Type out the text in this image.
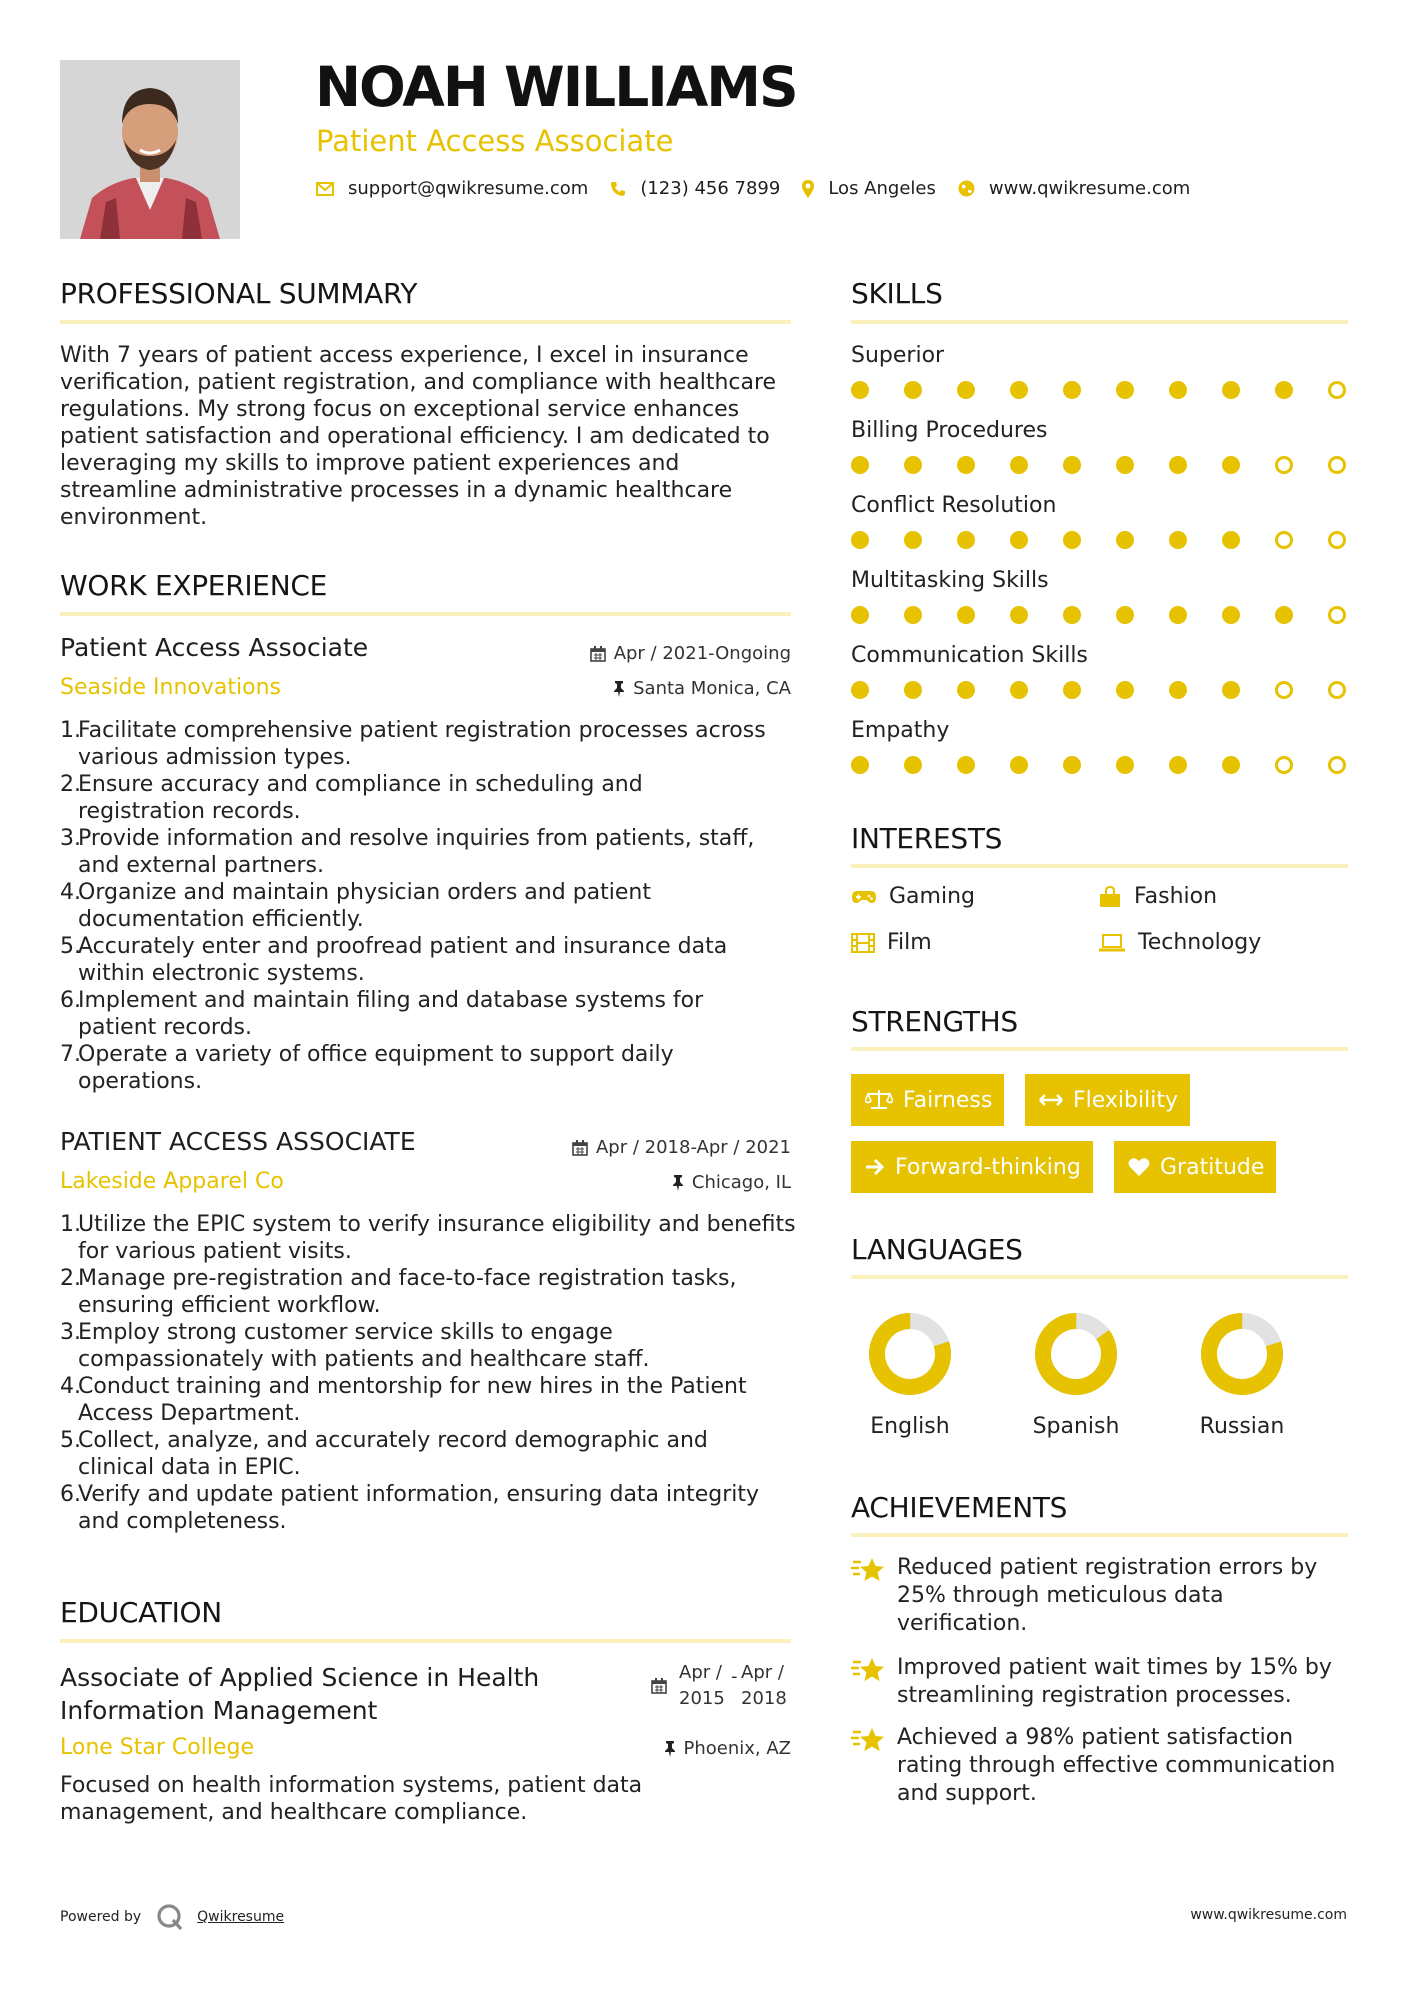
NOAH WILLIAMS
Patient Access Associate
support@qwikresume.com	(123) 456 7899	Los Angeles	www.qwikresume.com
PROFESSIONAL SUMMARY
With 7 years of patient access experience, I excel in insurance
verification, patient registration, and compliance with healthcare
regulations. My strong focus on exceptional service enhances
patient satisfaction and operational efficiency. I am dedicated to
leveraging my skills to improve patient experiences and
streamline administrative processes in a dynamic healthcare
environment.
WORK EXPERIENCE
Patient Access Associate
Seaside Innovations
Apr / 2021-Ongoing
Santa Monica, CA
1.
Facilitate comprehensive patient registration processes across
various admission types.
2.
Ensure accuracy and compliance in scheduling and
registration records.
3.
Provide information and resolve inquiries from patients, staff,
and external partners.
4.
Organize and maintain physician orders and patient
documentation efficiently.
5.
Accurately enter and proofread patient and insurance data
within electronic systems.
6.
Implement and maintain filing and database systems for
patient records.
7.
Operate a variety of office equipment to support daily
operations.
PATIENT ACCESS ASSOCIATE
Lakeside Apparel Co
Apr / 2018-Apr / 2021
Chicago, IL
1.
Utilize the EPIC system to verify insurance eligibility and benefits
for various patient visits.
2.
Manage pre-registration and face-to-face registration tasks,
ensuring efficient workflow.
3.
Employ strong customer service skills to engage
compassionately with patients and healthcare staff.
4.
Conduct training and mentorship for new hires in the Patient
Access Department.
5.
Collect, analyze, and accurately record demographic and
clinical data in EPIC.
6.
Verify and update patient information, ensuring data integrity
and completeness.
EDUCATION
Associate of Applied Science in Health
Information Management
Apr /
2015
- Apr /
2018
Lone Star College	Phoenix, AZ
Focused on health information systems, patient data
management, and healthcare compliance.
SKILLS
Superior
Billing Procedures
Conflict Resolution
Multitasking Skills
Communication Skills
Empathy
INTERESTS
Gaming	Fashion
Film	Technology
STRENGTHS
Fairness	Flexibility
Forward-thinking	Gratitude
LANGUAGES
English	Spanish	Russian
ACHIEVEMENTS
Reduced patient registration errors by
25% through meticulous data
verification.
Improved patient wait times by 15% by
streamlining registration processes.
Achieved a 98% patient satisfaction
rating through effective communication
and support.
Powered by	Qwikresume	www.qwikresume.com
